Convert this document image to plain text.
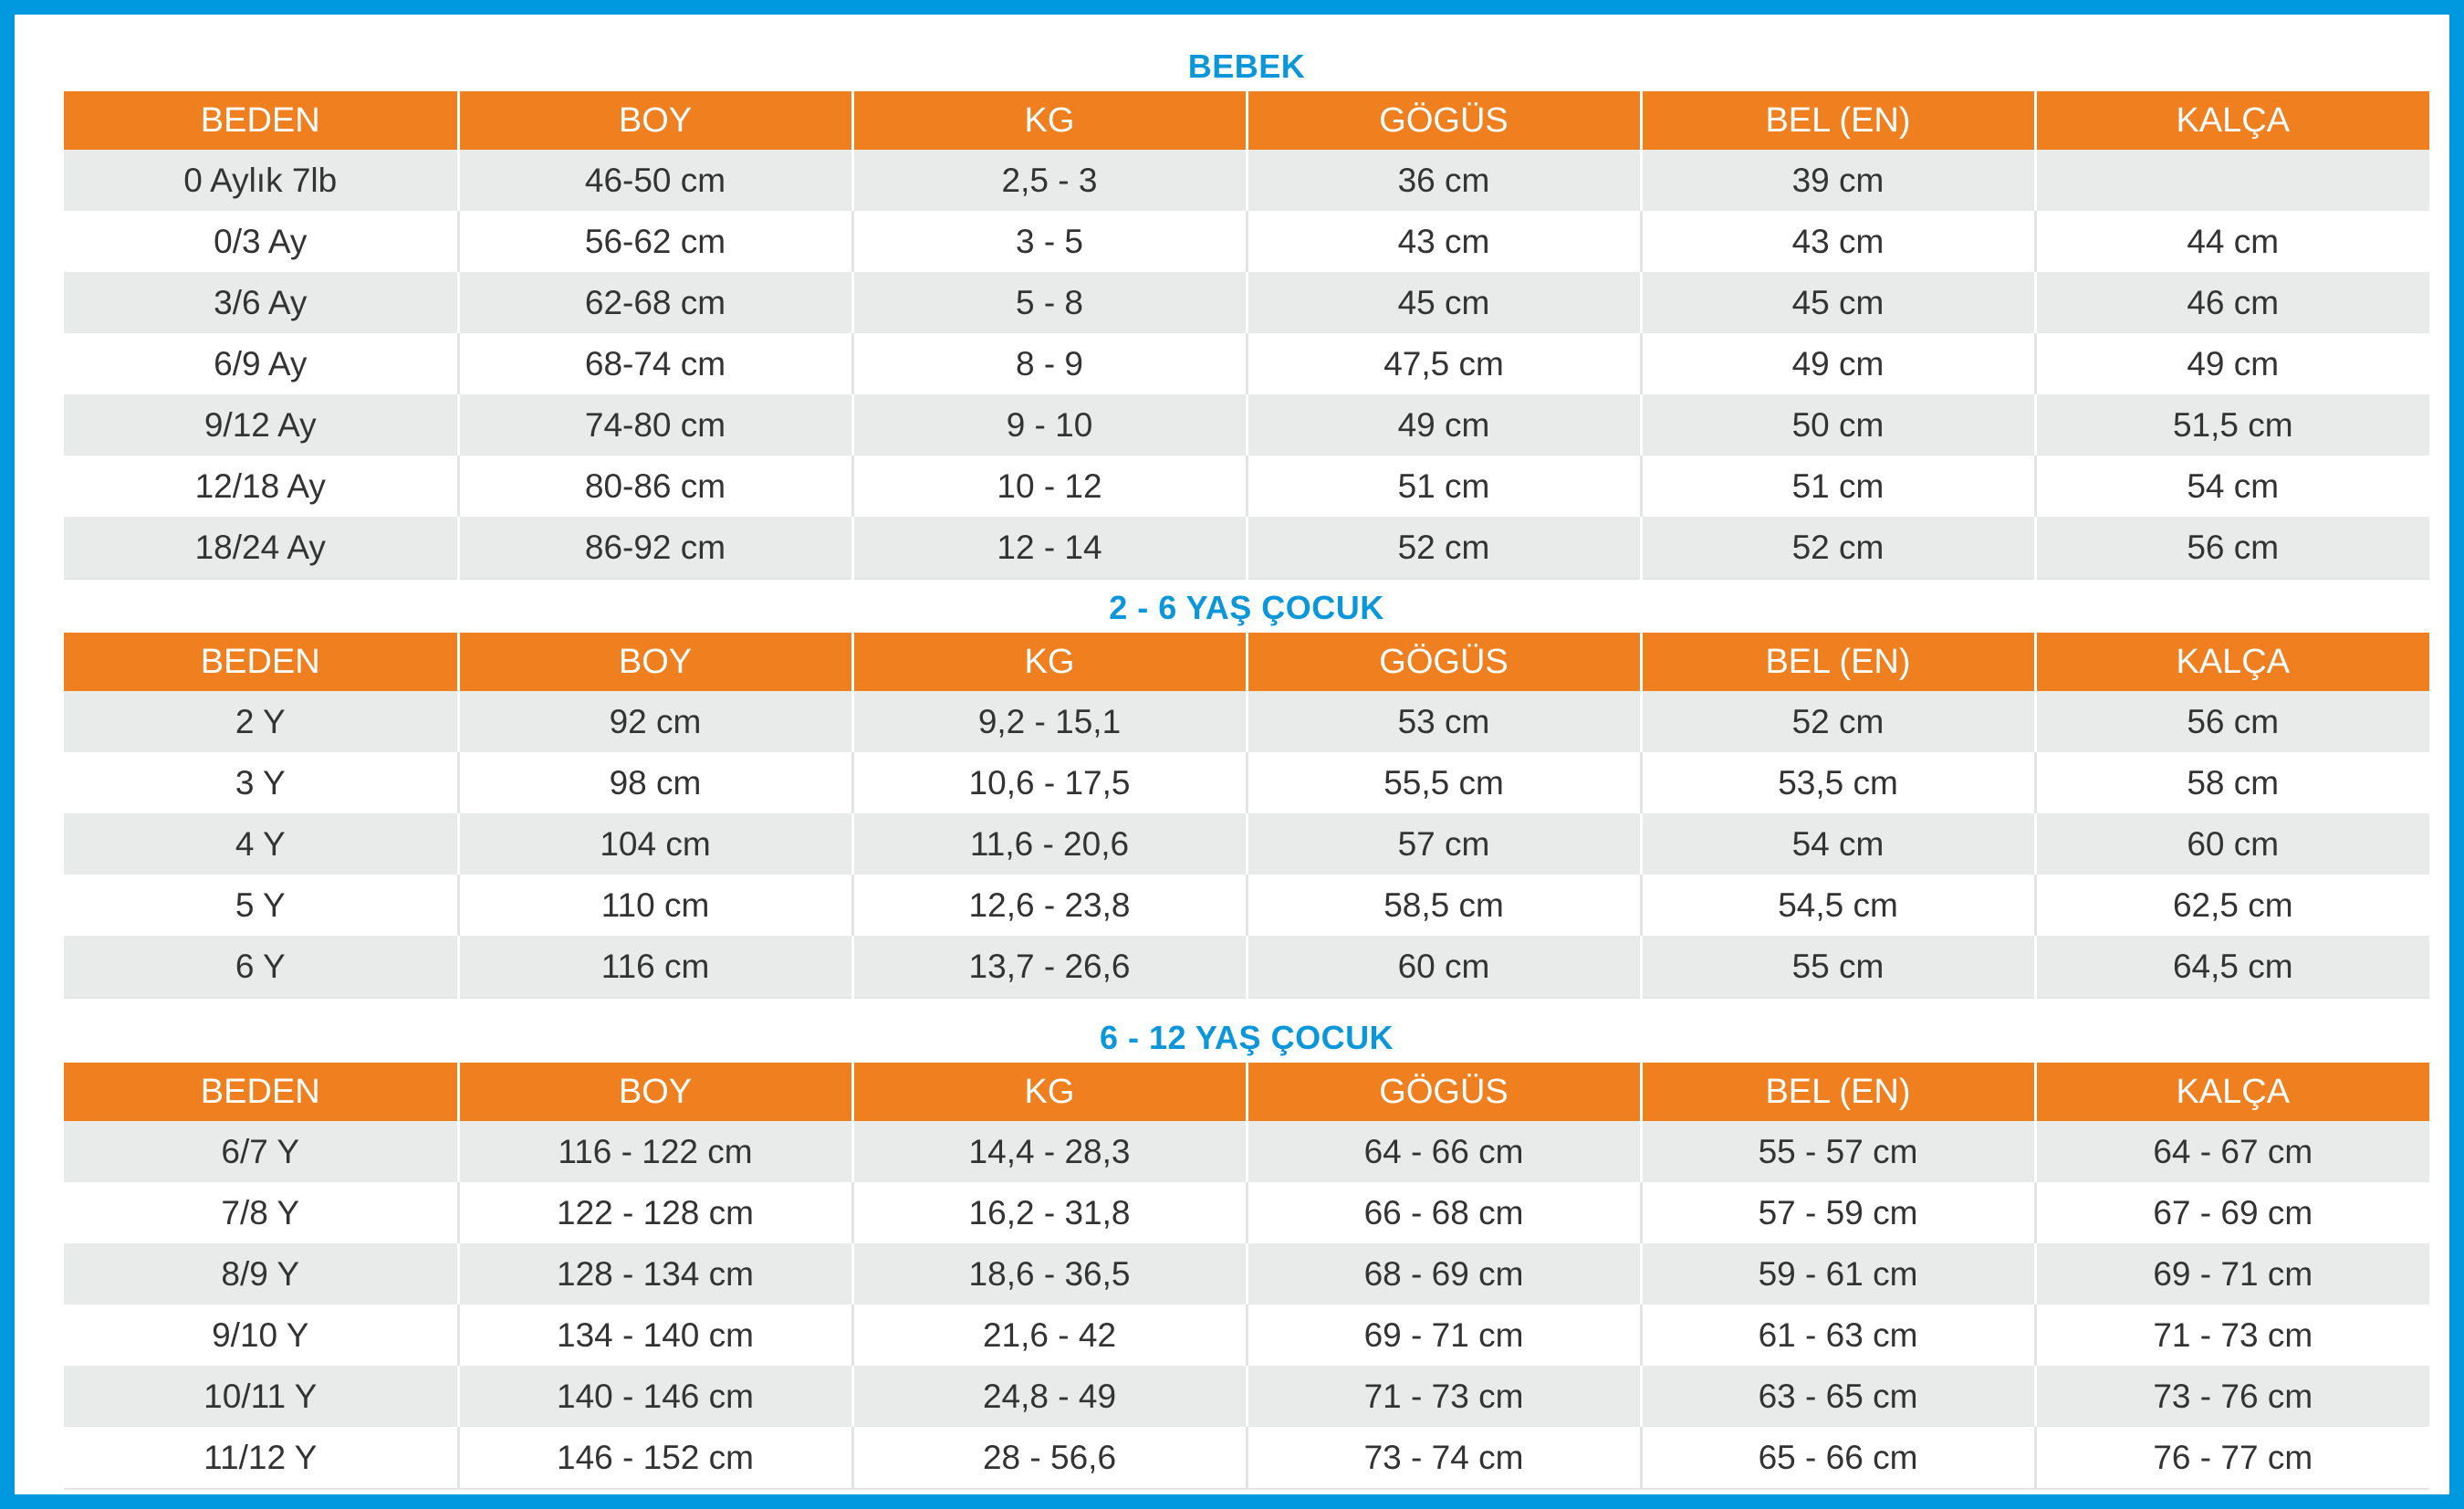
BEBEK
BEDEN	BOY	KG	GÖGÜS	BEL (EN)	KALÇA
0 Aylık 7lb	46-50 cm	2,5 - 3	36 cm	39 cm	
0/3 Ay	56-62 cm	3 - 5	43 cm	43 cm	44 cm
3/6 Ay	62-68 cm	5 - 8	45 cm	45 cm	46 cm
6/9 Ay	68-74 cm	8 - 9	47,5 cm	49 cm	49 cm
9/12 Ay	74-80 cm	9 - 10	49 cm	50 cm	51,5 cm
12/18 Ay	80-86 cm	10 - 12	51 cm	51 cm	54 cm
18/24 Ay	86-92 cm	12 - 14	52 cm	52 cm	56 cm
2 - 6 YAŞ ÇOCUK
BEDEN	BOY	KG	GÖGÜS	BEL (EN)	KALÇA
2 Y	92 cm	9,2 - 15,1	53 cm	52 cm	56 cm
3 Y	98 cm	10,6 - 17,5	55,5 cm	53,5 cm	58 cm
4 Y	104 cm	11,6 - 20,6	57 cm	54 cm	60 cm
5 Y	110 cm	12,6 - 23,8	58,5 cm	54,5 cm	62,5 cm
6 Y	116 cm	13,7 - 26,6	60 cm	55 cm	64,5 cm
6 - 12 YAŞ ÇOCUK
BEDEN	BOY	KG	GÖGÜS	BEL (EN)	KALÇA
6/7 Y	116 - 122 cm	14,4 - 28,3	64 - 66 cm	55 - 57 cm	64 - 67 cm
7/8 Y	122 - 128 cm	16,2 - 31,8	66 - 68 cm	57 - 59 cm	67 - 69 cm
8/9 Y	128 - 134 cm	18,6 - 36,5	68 - 69 cm	59 - 61 cm	69 - 71 cm
9/10 Y	134 - 140 cm	21,6 - 42	69 - 71 cm	61 - 63 cm	71 - 73 cm
10/11 Y	140 - 146 cm	24,8 - 49	71 - 73 cm	63 - 65 cm	73 - 76 cm
11/12 Y	146 - 152 cm	28 - 56,6	73 - 74 cm	65 - 66 cm	76 - 77 cm
